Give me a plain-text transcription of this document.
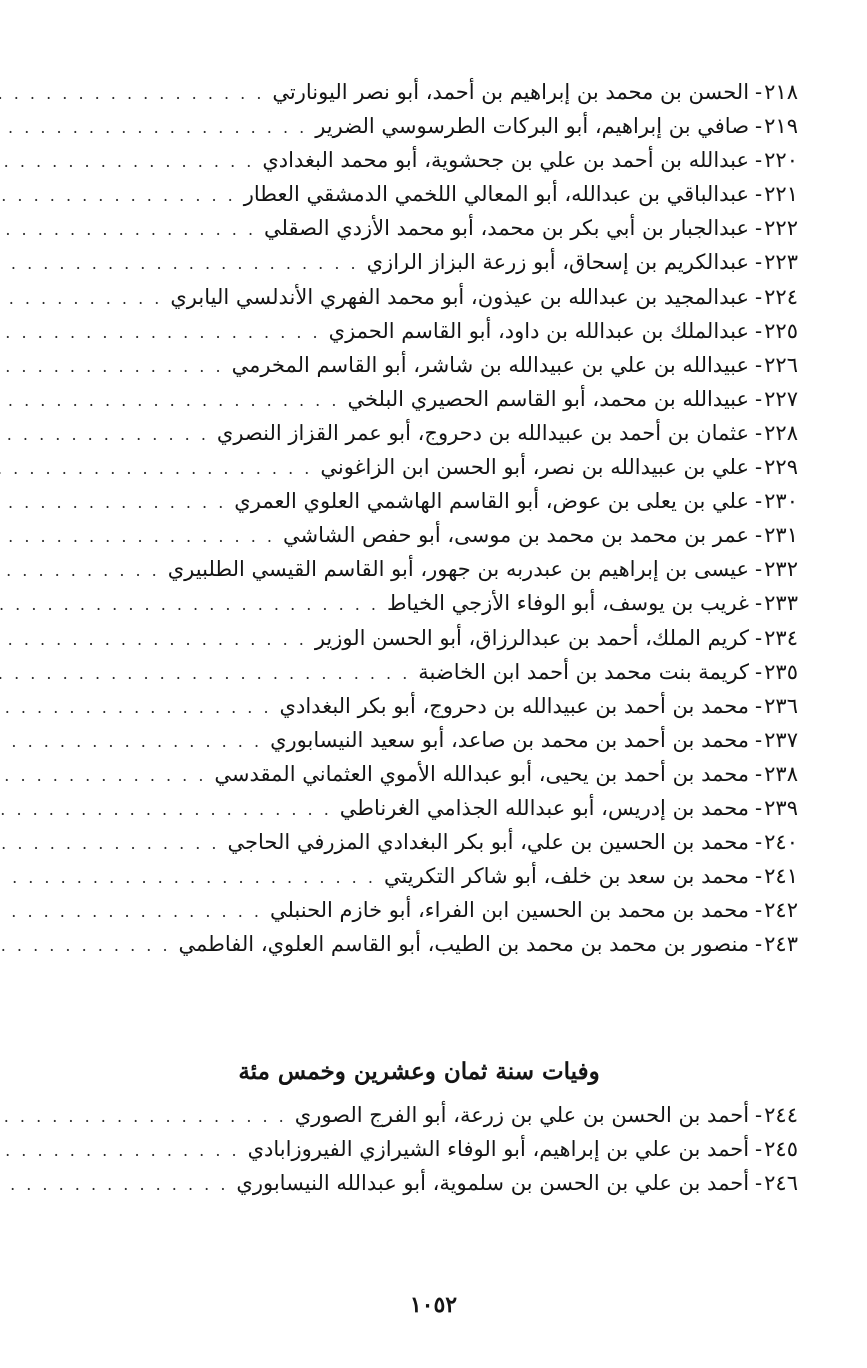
٢١٨
-
الحسن بن محمد بن إبراهيم بن أحمد، أبو نصر اليونارتي
. . .
٢١٩
-
صافي بن إبراهيم، أبو البركات الطرسوسي الضرير
. . .
٢٢٠
-
عبدالله بن أحمد بن علي بن جحشوية، أبو محمد البغدادي
. . .
٢٢١
-
عبدالباقي بن عبدالله، أبو المعالي اللخمي الدمشقي العطار
. . .
٢٢٢
-
عبدالجبار بن أبي بكر بن محمد، أبو محمد الأزدي الصقلي
. . .
٢٢٣
-
عبدالكريم بن إسحاق، أبو زرعة البزاز الرازي
. . .
٢٢٤
-
عبدالمجيد بن عبدالله بن عيذون، أبو محمد الفهري الأندلسي اليابري
. . .
٢٢٥
-
عبدالملك بن عبدالله بن داود، أبو القاسم الحمزي
. . .
٢٢٦
-
عبيدالله بن علي بن عبيدالله بن شاشر، أبو القاسم المخرمي
. . .
٢٢٧
-
عبيدالله بن محمد، أبو القاسم الحصيري البلخي
. . .
٢٢٨
-
عثمان بن أحمد بن عبيدالله بن دحروج، أبو عمر القزاز النصري
. . .
٢٢٩
-
علي بن عبيدالله بن نصر، أبو الحسن ابن الزاغوني
. . .
٢٣٠
-
علي بن يعلى بن عوض، أبو القاسم الهاشمي العلوي العمري
. . .
٢٣١
-
عمر بن محمد بن محمد بن موسى، أبو حفص الشاشي
. . .
٢٣٢
-
عيسى بن إبراهيم بن عبدربه بن جهور، أبو القاسم القيسي الطلبيري
. . .
٢٣٣
-
غريب بن يوسف، أبو الوفاء الأزجي الخياط
. . .
٢٣٤
-
كريم الملك، أحمد بن عبدالرزاق، أبو الحسن الوزير
. . .
٢٣٥
-
كريمة بنت محمد بن أحمد ابن الخاضبة
. . .
٢٣٦
-
محمد بن أحمد بن عبيدالله بن دحروج، أبو بكر البغدادي
. . .
٢٣٧
-
محمد بن أحمد بن محمد بن صاعد، أبو سعيد النيسابوري
. . .
٢٣٨
-
محمد بن أحمد بن يحيى، أبو عبدالله الأموي العثماني المقدسي
. . .
٢٣٩
-
محمد بن إدريس، أبو عبدالله الجذامي الغرناطي
. . .
٢٤٠
-
محمد بن الحسين بن علي، أبو بكر البغدادي المزرفي الحاجي
. . .
٢٤١
-
محمد بن سعد بن خلف، أبو شاكر التكريتي
. . .
٢٤٢
-
محمد بن محمد بن الحسين ابن الفراء، أبو خازم الحنبلي
. . .
٢٤٣
-
منصور بن محمد بن محمد بن الطيب، أبو القاسم العلوي، الفاطمي
. . .
وفيات سنة ثمان وعشرين وخمس مئة
٢٤٤
-
أحمد بن الحسن بن علي بن زرعة، أبو الفرج الصوري
. . .
٢٤٥
-
أحمد بن علي بن إبراهيم، أبو الوفاء الشيرازي الفيروزابادي
. . .
٢٤٦
-
أحمد بن علي بن الحسن بن سلموية، أبو عبدالله النيسابوري
. . .
١٠٥٢
